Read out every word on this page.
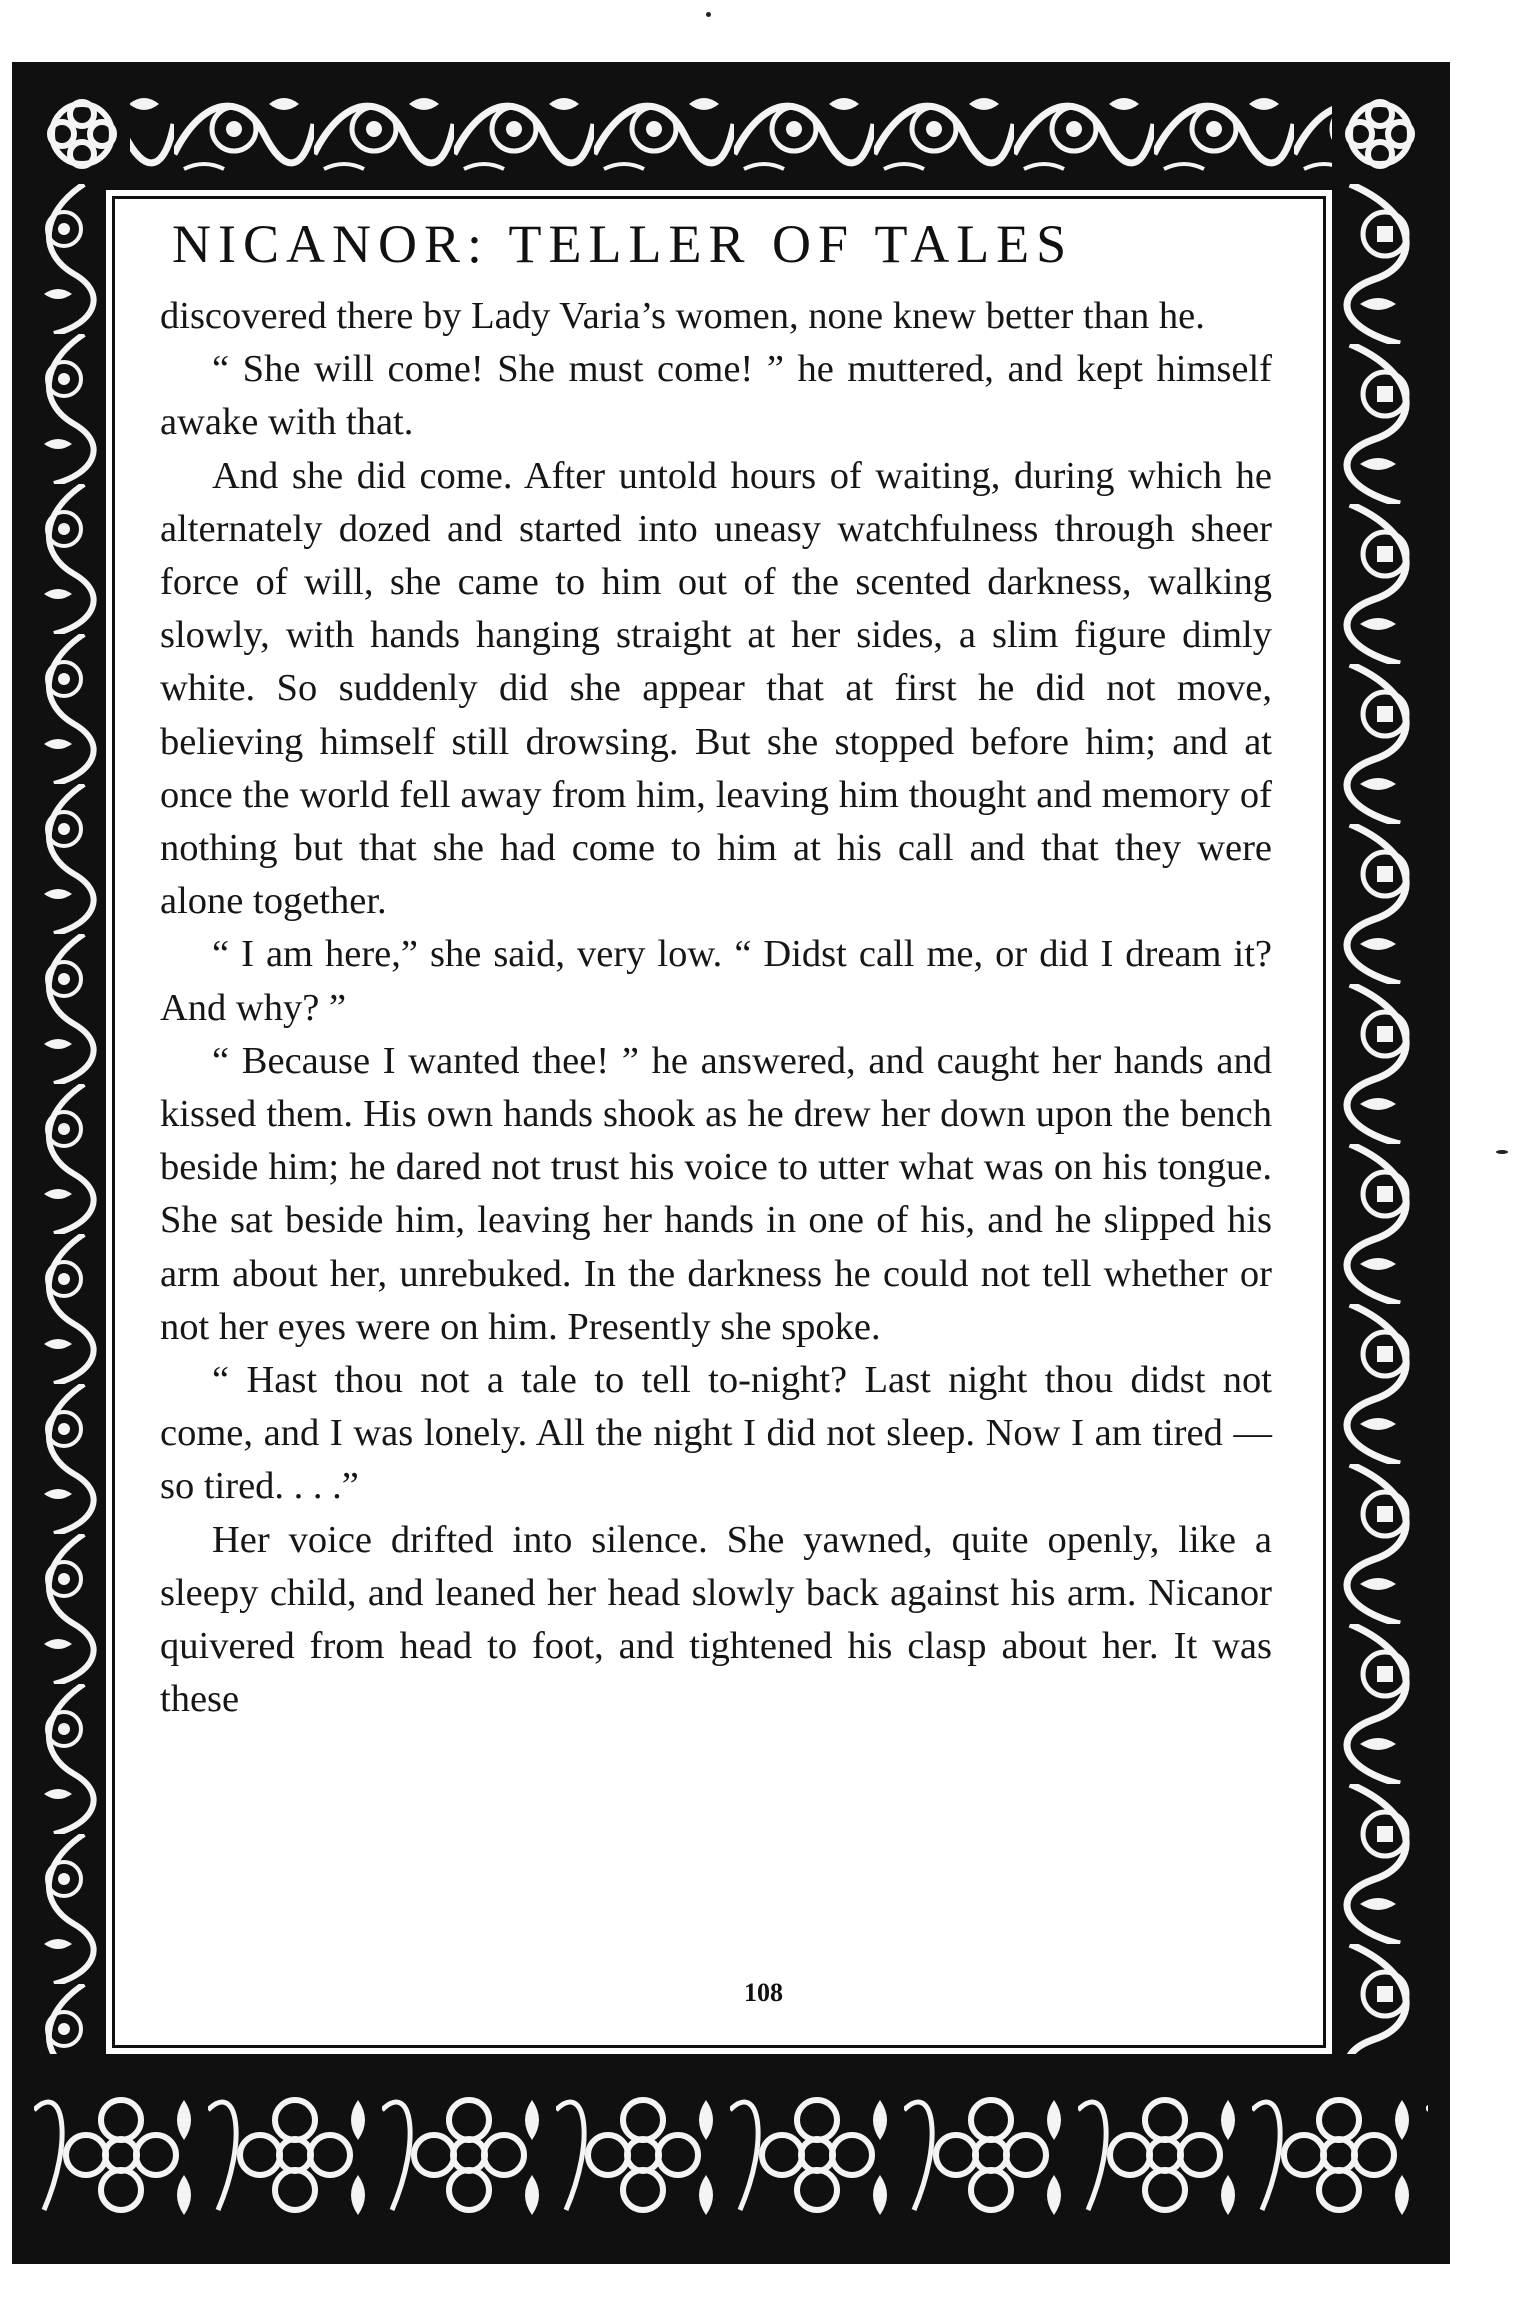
NICANOR: TELLER OF TALES

discovered there by Lady Varia’s women, none knew better than he.

“ She will come! She must come! ” he muttered, and kept himself awake with that.

And she did come. After untold hours of waiting, during which he alternately dozed and started into uneasy watchfulness through sheer force of will, she came to him out of the scented darkness, walking slowly, with hands hanging straight at her sides, a slim figure dimly white. So suddenly did she appear that at first he did not move, believing himself still drowsing. But she stopped before him; and at once the world fell away from him, leaving him thought and memory of nothing but that she had come to him at his call and that they were alone together.

“ I am here,” she said, very low. “ Didst call me, or did I dream it? And why? ”

“ Because I wanted thee! ” he answered, and caught her hands and kissed them. His own hands shook as he drew her down upon the bench beside him; he dared not trust his voice to utter what was on his tongue. She sat beside him, leaving her hands in one of his, and he slipped his arm about her, unrebuked. In the darkness he could not tell whether or not her eyes were on him. Presently she spoke.

“ Hast thou not a tale to tell to-night? Last night thou didst not come, and I was lonely. All the night I did not sleep. Now I am tired — so tired. . . .”

Her voice drifted into silence. She yawned, quite openly, like a sleepy child, and leaned her head slowly back against his arm. Nicanor quivered from head to foot, and tightened his clasp about her. It was these

108
